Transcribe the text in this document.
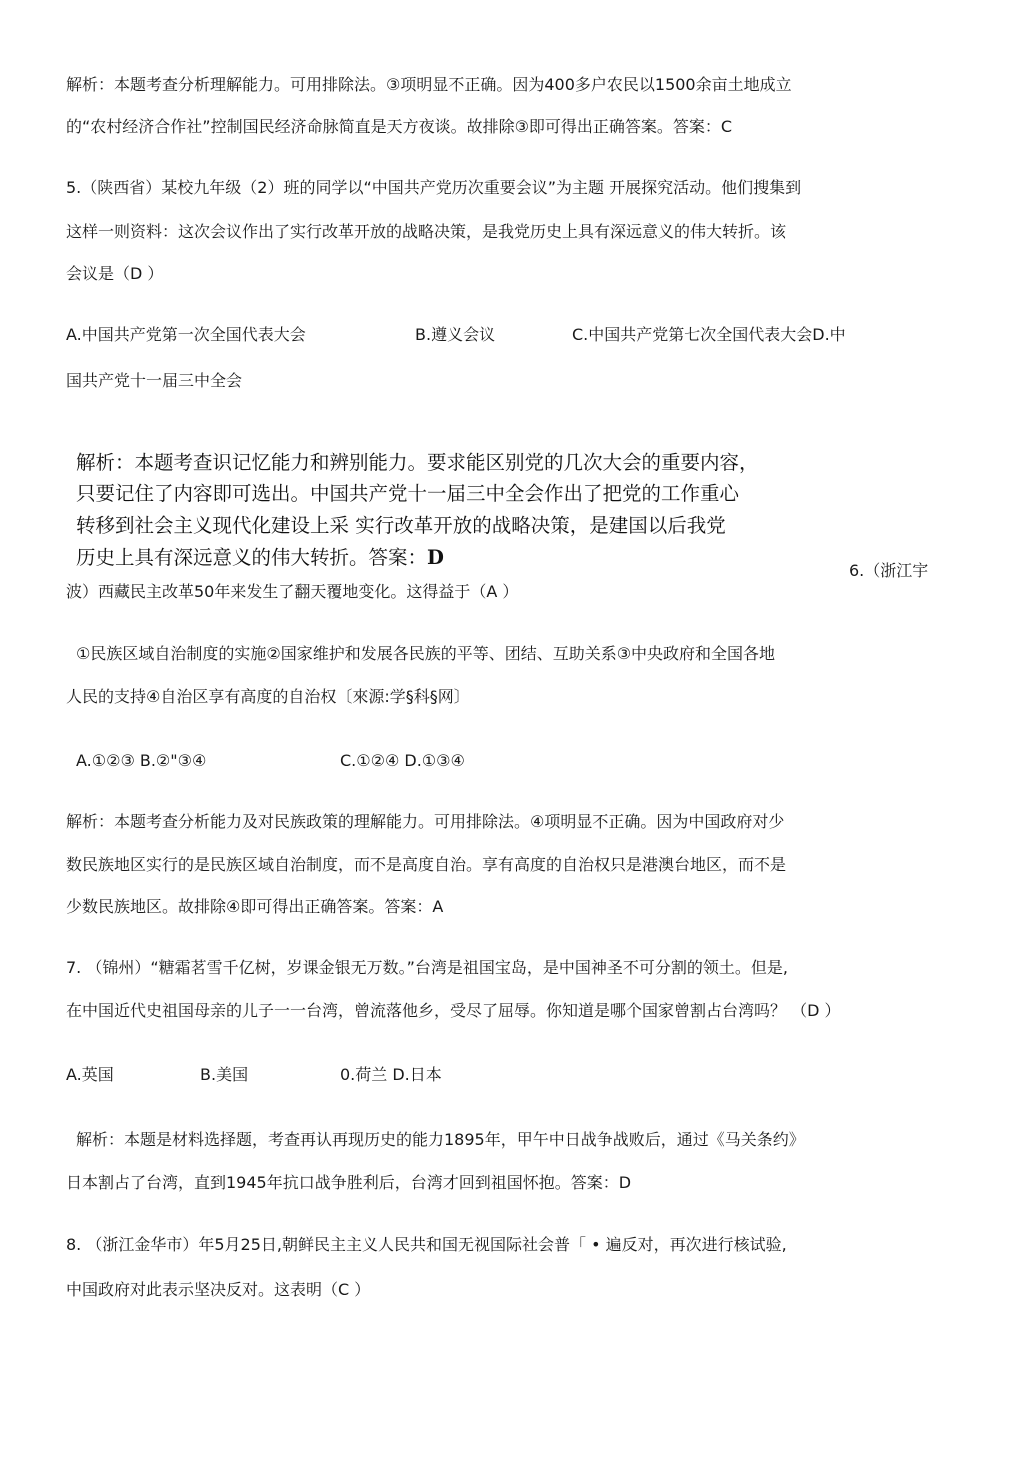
解析：本题考查分析理解能力。可用排除法。③项明显不正确。因为400多户农民以1500余亩土地成立
的“农村经济合作社”控制国民经济命脉简直是天方夜谈。故排除③即可得出正确答案。答案：C
5.（陕西省）某校九年级（2）班的同学以“中国共产党历次重要会议”为主题 开展探究活动。他们搜集到
这样一则资料：这次会议作出了实行改革开放的战略决策，是我党历史上具有深远意义的伟大转折。该
会议是（D ）
A.中国共产党第一次全国代表大会	B.遵义会议	C.中国共产党第七次全国代表大会D.中
国共产党十一届三中全会
解析：本题考查识记忆能力和辨别能力。要求能区别党的几次大会的重要内容，
只要记住了内容即可选出。中国共产党十一届三中全会作出了把党的工作重心
转移到社会主义现代化建设上采 实行改革开放的战略决策，是建国以后我党
历史上具有深远意义的伟大转折。答案：D
6.（浙江宇
波）西藏民主改革50年来发生了翻天覆地变化。这得益于（A ）
①民族区域自治制度的实施②国家维护和发展各民族的平等、团结、互助关系③中央政府和全国各地
人民的支持④自治区享有高度的自治权〔來源:学§科§网〕
A.①②③ B.②"③④	C.①②④ D.①③④
解析：本题考查分析能力及对民族政策的理解能力。可用排除法。④项明显不正确。因为中国政府对少
数民族地区实行的是民族区域自治制度，而不是高度自治。享有高度的自治权只是港澳台地区，而不是
少数民族地区。故排除④即可得出正确答案。答案：A
7. （锦州）“糖霜茗雪千亿树，岁课金银无万数。”台湾是祖国宝岛，是中国神圣不可分割的领土。但是,
在中国近代史祖国母亲的儿子一一台湾，曾流落他乡，受尽了屈辱。你知道是哪个国家曾割占台湾吗？ （D ）
A.英国	B.美国	0.荷兰 D.日本
解析：本题是材料选择题，考查再认再现历史的能力1895年，甲午中日战争战败后，通过《马关条约》
日本割占了台湾，直到1945年抗口战争胜利后，台湾才回到祖国怀抱。答案：D
8. （浙江金华市）年5月25日,朝鲜民主主义人民共和国无视国际社会普「 • 遍反对，再次进行核试验,
中国政府对此表示坚决反对。这表明（C ）
